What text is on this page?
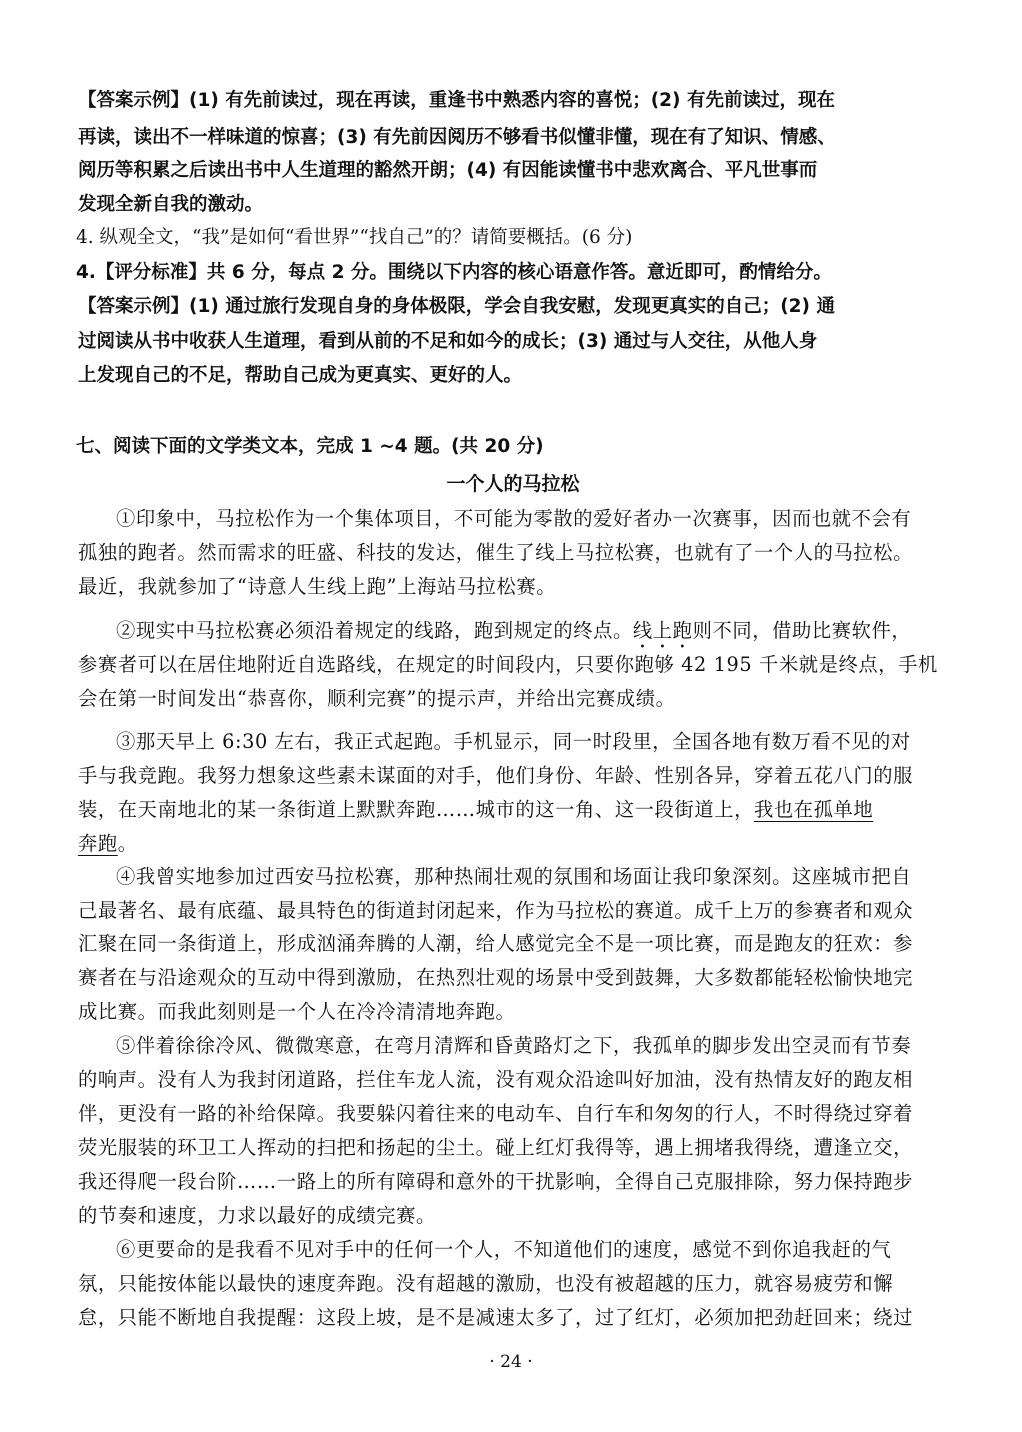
【答案示例】(1) 有先前读过，现在再读，重逢书中熟悉内容的喜悦；(2) 有先前读过，现在
再读，读出不一样味道的惊喜；(3) 有先前因阅历不够看书似懂非懂，现在有了知识、情感、
阅历等积累之后读出书中人生道理的豁然开朗；(4) 有因能读懂书中悲欢离合、平凡世事而
发现全新自我的激动。
4. 纵观全文，“我”是如何“看世界”“找自己”的？请简要概括。(6 分)
4.【评分标准】共 6 分，每点 2 分。围绕以下内容的核心语意作答。意近即可，酌情给分。
【答案示例】(1) 通过旅行发现自身的身体极限，学会自我安慰，发现更真实的自己；(2) 通
过阅读从书中收获人生道理，看到从前的不足和如今的成长；(3) 通过与人交往，从他人身
上发现自己的不足，帮助自己成为更真实、更好的人。
七、阅读下面的文学类文本，完成 1 ~4 题。(共 20 分)
一个人的马拉松
①印象中，马拉松作为一个集体项目，不可能为零散的爱好者办一次赛事，因而也就不会有
孤独的跑者。然而需求的旺盛、科技的发达，催生了线上马拉松赛，也就有了一个人的马拉松。
最近，我就参加了“诗意人生线上跑”上海站马拉松赛。
②现实中马拉松赛必须沿着规定的线路，跑到规定的终点。线上跑则不同，借助比赛软件，
参赛者可以在居住地附近自选路线，在规定的时间段内，只要你跑够 42 195 千米就是终点，手机
会在第一时间发出“恭喜你，顺利完赛”的提示声，并给出完赛成绩。
③那天早上 6:30 左右，我正式起跑。手机显示，同一时段里，全国各地有数万看不见的对
手与我竞跑。我努力想象这些素未谋面的对手，他们身份、年龄、性别各异，穿着五花八门的服
装，在天南地北的某一条街道上默默奔跑……城市的这一角、这一段街道上，我也在孤单地
奔跑。
④我曾实地参加过西安马拉松赛，那种热闹壮观的氛围和场面让我印象深刻。这座城市把自
己最著名、最有底蕴、最具特色的街道封闭起来，作为马拉松的赛道。成千上万的参赛者和观众
汇聚在同一条街道上，形成汹涌奔腾的人潮，给人感觉完全不是一项比赛，而是跑友的狂欢：参
赛者在与沿途观众的互动中得到激励，在热烈壮观的场景中受到鼓舞，大多数都能轻松愉快地完
成比赛。而我此刻则是一个人在冷冷清清地奔跑。
⑤伴着徐徐冷风、微微寒意，在弯月清辉和昏黄路灯之下，我孤单的脚步发出空灵而有节奏
的响声。没有人为我封闭道路，拦住车龙人流，没有观众沿途叫好加油，没有热情友好的跑友相
伴，更没有一路的补给保障。我要躲闪着往来的电动车、自行车和匆匆的行人，不时得绕过穿着
荧光服装的环卫工人挥动的扫把和扬起的尘土。碰上红灯我得等，遇上拥堵我得绕，遭逢立交，
我还得爬一段台阶……一路上的所有障碍和意外的干扰影响，全得自己克服排除，努力保持跑步
的节奏和速度，力求以最好的成绩完赛。
⑥更要命的是我看不见对手中的任何一个人，不知道他们的速度，感觉不到你追我赶的气
氛，只能按体能以最快的速度奔跑。没有超越的激励，也没有被超越的压力，就容易疲劳和懈
怠，只能不断地自我提醒：这段上坡，是不是减速太多了，过了红灯，必须加把劲赶回来；绕过
· 24 ·
